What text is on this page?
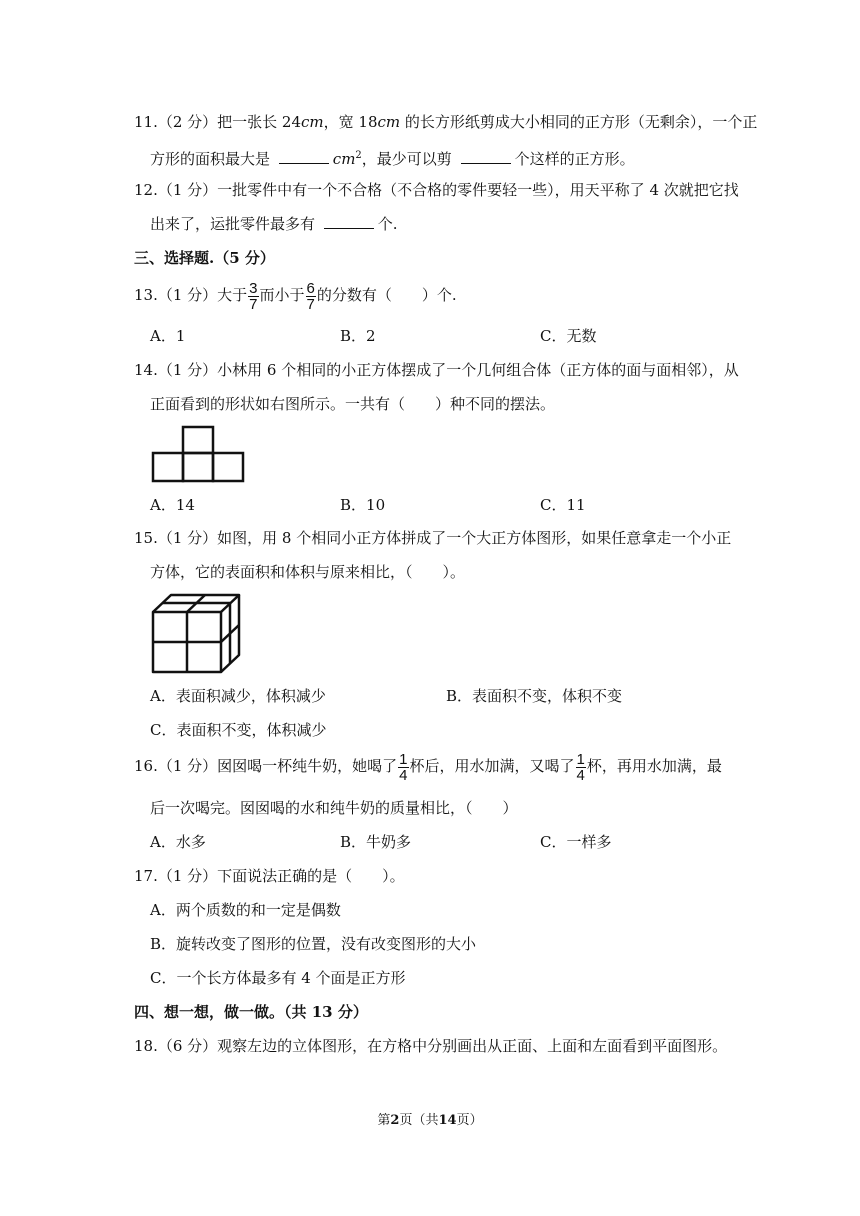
11.（2 分）把一张长 24cm，宽 18cm 的长方形纸剪成大小相同的正方形（无剩余），一个正
方形的面积最大是	$cm^2$，最少可以剪	个这样的正方形。
12.（1 分）一批零件中有一个不合格（不合格的零件要轻一些），用天平称了 4 次就把它找
出来了，运批零件最多有	个.
三、选择题.（5 分）
13.（1 分）大于 $\frac{3}{7}$ 而小于 $\frac{6}{7}$ 的分数有（　　）个.
A．1	B．2	C．无数
14.（1 分）小林用 6 个相同的小正方体摆成了一个几何组合体（正方体的面与面相邻），从
正面看到的形状如右图所示。一共有（　　）种不同的摆法。
A．14	B．10	C．11
15.（1 分）如图，用 8 个相同小正方体拼成了一个大正方体图形，如果任意拿走一个小正
方体，它的表面积和体积与原来相比，（　　）。
A．表面积减少，体积减少	B．表面积不变，体积不变
C．表面积不变，体积减少
16.（1 分）囡囡喝一杯纯牛奶，她喝了 $\frac{1}{4}$ 杯后，用水加满，又喝了 $\frac{1}{4}$ 杯，再用水加满，最
后一次喝完。囡囡喝的水和纯牛奶的质量相比，（　　）
A．水多	B．牛奶多	C．一样多
17.（1 分）下面说法正确的是（　　）。
A．两个质数的和一定是偶数
B．旋转改变了图形的位置，没有改变图形的大小
C．一个长方体最多有 4 个面是正方形
四、想一想，做一做。（共 13 分）
18.（6 分）观察左边的立体图形，在方格中分别画出从正面、上面和左面看到平面图形。
第2页（共14页）
